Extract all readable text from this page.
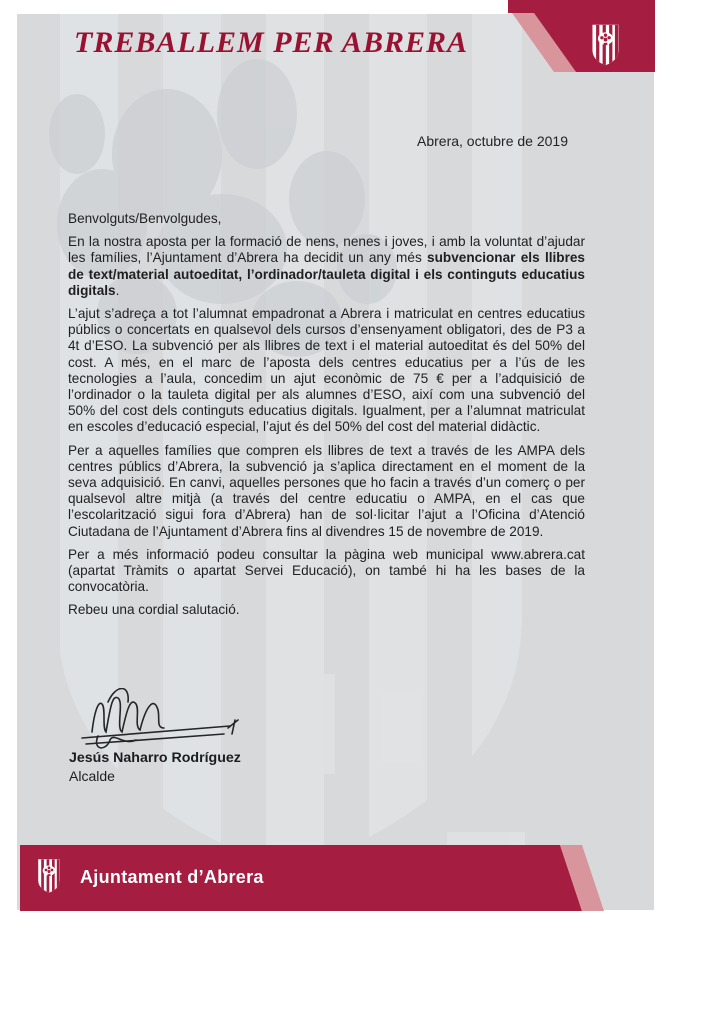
TREBALLEM PER ABRERA
Abrera, octubre de 2019

Benvolguts/Benvolgudes,

En la nostra aposta per la formació de nens, nenes i joves, i amb la voluntat d’ajudar les famílies, l’Ajuntament d’Abrera ha decidit un any més subvencionar els llibres de text/material autoeditat, l’ordinador/tauleta digital i els continguts educatius digitals.

L’ajut s’adreça a tot l’alumnat empadronat a Abrera i matriculat en centres educatius públics o concertats en qualsevol dels cursos d’ensenyament obligatori, des de P3 a 4t d’ESO. La subvenció per als llibres de text i el material autoeditat és del 50% del cost. A més, en el marc de l’aposta dels centres educatius per a l’ús de les tecnologies a l’aula, concedim un ajut econòmic de 75 € per a l’adquisició de l’ordinador o la tauleta digital per als alumnes d’ESO, així com una subvenció del 50% del cost dels continguts educatius digitals. Igualment, per a l’alumnat matriculat en escoles d’educació especial, l’ajut és del 50% del cost del material didàctic.

Per a aquelles famílies que compren els llibres de text a través de les AMPA dels centres públics d’Abrera, la subvenció ja s’aplica directament en el moment de la seva adquisició. En canvi, aquelles persones que ho facin a través d’un comerç o per qualsevol altre mitjà (a través del centre educatiu o AMPA, en el cas que l’escolarització sigui fora d’Abrera) han de sol·licitar l’ajut a l’Oficina d’Atenció Ciutadana de l’Ajuntament d’Abrera fins al divendres 15 de novembre de 2019.

Per a més informació podeu consultar la pàgina web municipal www.abrera.cat (apartat Tràmits o apartat Servei Educació), on també hi ha les bases de la convocatòria.

Rebeu una cordial salutació.

Jesús Naharro Rodríguez
Alcalde
Ajuntament d’Abrera
